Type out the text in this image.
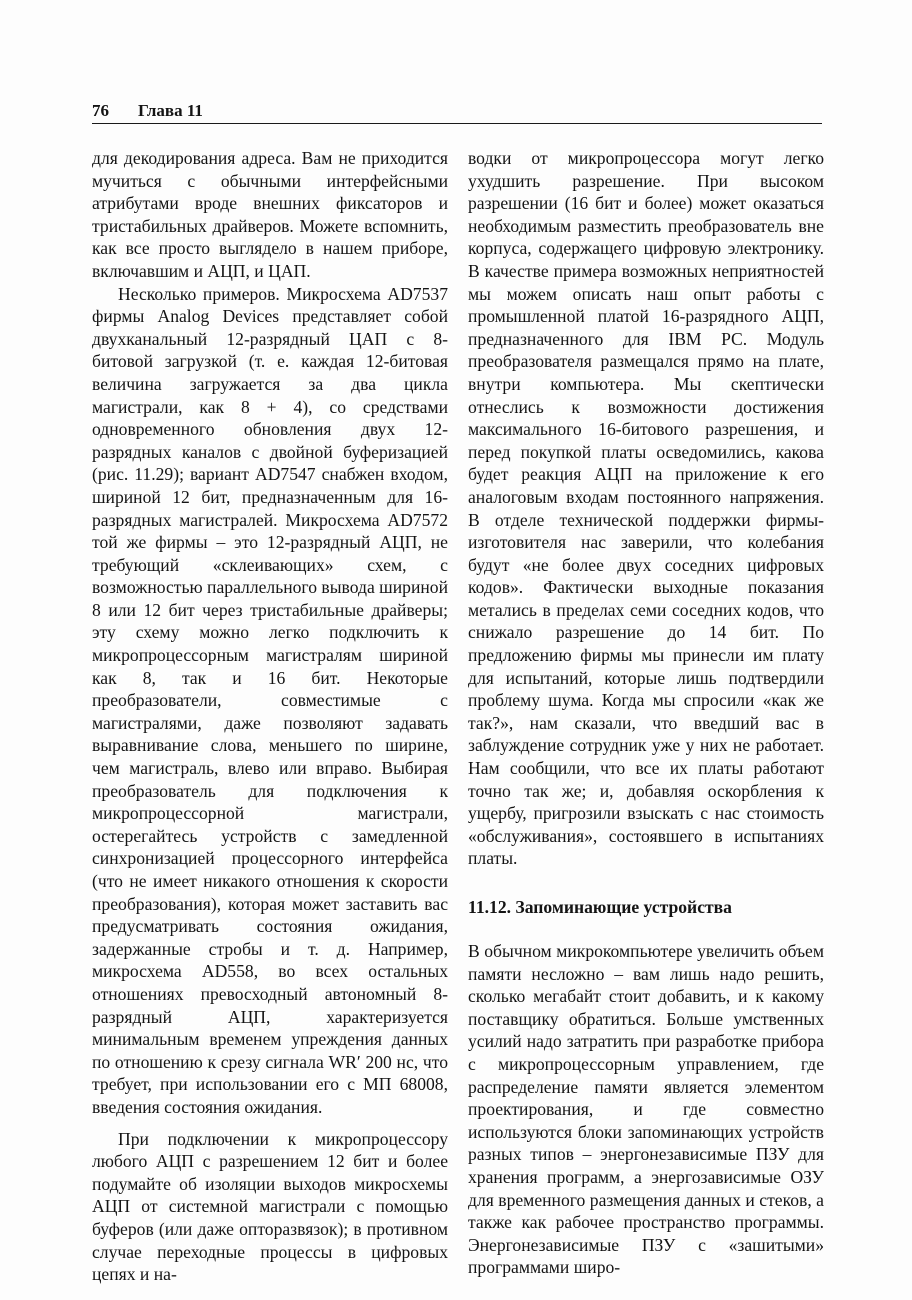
76 Глава 11

для декодирования адреса. Вам не приходится мучиться с обычными интерфейсными атрибутами вроде внешних фиксаторов и тристабильных драйверов. Можете вспомнить, как все просто выглядело в нашем приборе, включавшим и АЦП, и ЦАП.

Несколько примеров. Микросхема AD7537 фирмы Analog Devices представляет собой двухканальный 12-разрядный ЦАП с 8-битовой загрузкой (т. е. каждая 12-битовая величина загружается за два цикла магистрали, как 8 + 4), со средствами одновременного обновления двух 12-разрядных каналов с двойной буферизацией (рис. 11.29); вариант AD7547 снабжен входом, шириной 12 бит, предназначенным для 16-разрядных магистралей. Микросхема AD7572 той же фирмы – это 12-разрядный АЦП, не требующий «склеивающих» схем, с возможностью параллельного вывода шириной 8 или 12 бит через тристабильные драйверы; эту схему можно легко подключить к микропроцессорным магистралям шириной как 8, так и 16 бит. Некоторые преобразователи, совместимые с магистралями, даже позволяют задавать выравнивание слова, меньшего по ширине, чем магистраль, влево или вправо. Выбирая преобразователь для подключения к микропроцессорной магистрали, остерегайтесь устройств с замедленной синхронизацией процессорного интерфейса (что не имеет никакого отношения к скорости преобразования), которая может заставить вас предусматривать состояния ожидания, задержанные стробы и т. д. Например, микросхема AD558, во всех остальных отношениях превосходный автономный 8-разрядный АЦП, характеризуется минимальным временем упреждения данных по отношению к срезу сигнала WR′ 200 нс, что требует, при использовании его с МП 68008, введения состояния ожидания.

При подключении к микропроцессору любого АЦП с разрешением 12 бит и более подумайте об изоляции выходов микросхемы АЦП от системной магистрали с помощью буферов (или даже опторазвязок); в противном случае переходные процессы в цифровых цепях и на-

водки от микропроцессора могут легко ухудшить разрешение. При высоком разрешении (16 бит и более) может оказаться необходимым разместить преобразователь вне корпуса, содержащего цифровую электронику. В качестве примера возможных неприятностей мы можем описать наш опыт работы с промышленной платой 16-разрядного АЦП, предназначенного для IBM PC. Модуль преобразователя размещался прямо на плате, внутри компьютера. Мы скептически отнеслись к возможности достижения максимального 16-битового разрешения, и перед покупкой платы осведомились, какова будет реакция АЦП на приложение к его аналоговым входам постоянного напряжения. В отделе технической поддержки фирмы-изготовителя нас заверили, что колебания будут «не более двух соседних цифровых кодов». Фактически выходные показания метались в пределах семи соседних кодов, что снижало разрешение до 14 бит. По предложению фирмы мы принесли им плату для испытаний, которые лишь подтвердили проблему шума. Когда мы спросили «как же так?», нам сказали, что введший вас в заблуждение сотрудник уже у них не работает. Нам сообщили, что все их платы работают точно так же; и, добавляя оскорбления к ущербу, пригрозили взыскать с нас стоимость «обслуживания», состоявшего в испытаниях платы.

11.12. Запоминающие устройства

В обычном микрокомпьютере увеличить объем памяти несложно – вам лишь надо решить, сколько мегабайт стоит добавить, и к какому поставщику обратиться. Больше умственных усилий надо затратить при разработке прибора с микропроцессорным управлением, где распределение памяти является элементом проектирования, и где совместно используются блоки запоминающих устройств разных типов – энергонезависимые ПЗУ для хранения программ, а энергозависимые ОЗУ для временного размещения данных и стеков, а также как рабочее пространство программы. Энергонезависимые ПЗУ с «зашитыми» программами широ-
